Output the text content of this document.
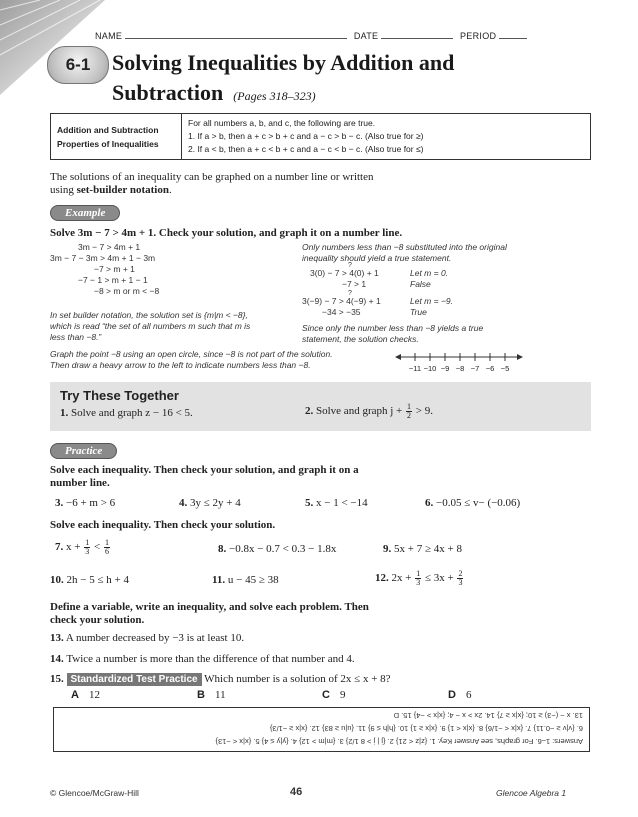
NAME	DATE	PERIOD
6-1 Solving Inequalities by Addition and
Subtraction (Pages 318–323)
Addition and Subtraction
Properties of Inequalities

For all numbers a, b, and c, the following are true.
1. If a > b, then a + c > b + c and a − c > b − c. (Also true for ≥)
2. If a < b, then a + c < b + c and a − c < b − c. (Also true for ≤)
The solutions of an inequality can be graphed on a number line or written
using set-builder notation.
Example
Solve 3m − 7 > 4m + 1. Check your solution, and graph it on a number line.
3m − 7 > 4m + 1
3m − 7 − 3m > 4m + 1 − 3m
−7 > m + 1
−7 − 1 > m + 1 − 1
−8 > m or m < −8
In set builder notation, the solution set is {m|m < −8},
which is read “the set of all numbers m such that m is
less than −8.”
Only numbers less than −8 substituted into the original
inequality should yield a true statement.
?
3(0) − 7 > 4(0) + 1
−7 > 1
Let m = 0.
False
?
3(−9) − 7 > 4(−9) + 1
−34 > −35
Let m = −9.
True
Since only the number less than −8 yields a true
statement, the solution checks.
Graph the point −8 using an open circle, since −8 is not part of the solution.
Then draw a heavy arrow to the left to indicate numbers less than −8.	−11 −10 −9 −8 −7 −6 −5
Try These Together
1. Solve and graph z − 16 < 5.	2. Solve and graph $j + \frac{1}{2} > 9$.
Practice
Solve each inequality. Then check your solution, and graph it on a
number line.
3. −6 + m > 6	4. 3y ≤ 2y + 4	5. x − 1 < −14	6. −0.05 ≤ v− (−0.06)
Solve each inequality. Then check your solution.
7. $x + \frac{1}{3} < \frac{1}{6}$	8. −0.8x − 0.7 < 0.3 − 1.8x	9. 5x + 7 ≥ 4x + 8
10. 2h − 5 ≤ h + 4	11. u − 45 ≥ 38	12. $2x + \frac{1}{3} \le 3x + \frac{2}{3}$
Define a variable, write an inequality, and solve each problem. Then
check your solution.
13. A number decreased by −3 is at least 10.
14. Twice a number is more than the difference of that number and 4.
15. Standardized Test Practice Which number is a solution of 2x ≤ x + 8?
A 12	B 11	C 9	D 6
Answers: 1–6. For graphs, see Answer Key. 1. {z|z < 21} 2. {j | j > 8 1/2} 3. {m|m > 12} 4. {y|y ≤ 4} 5. {x|x < −13}
6. {v|v ≥ −0.11} 7. {x|x < −1/6} 8. {x|x < 1} 9. {x|x ≥ 1} 10. {h|h ≤ 9} 11. {u|u ≥ 83} 12. {x|x ≥ −1/3}
13. x − (−3) ≥ 10; {x|x ≥ 7} 14. 2x > x − 4; {x|x > −4} 15. D
© Glencoe/McGraw-Hill	46	Glencoe Algebra 1
